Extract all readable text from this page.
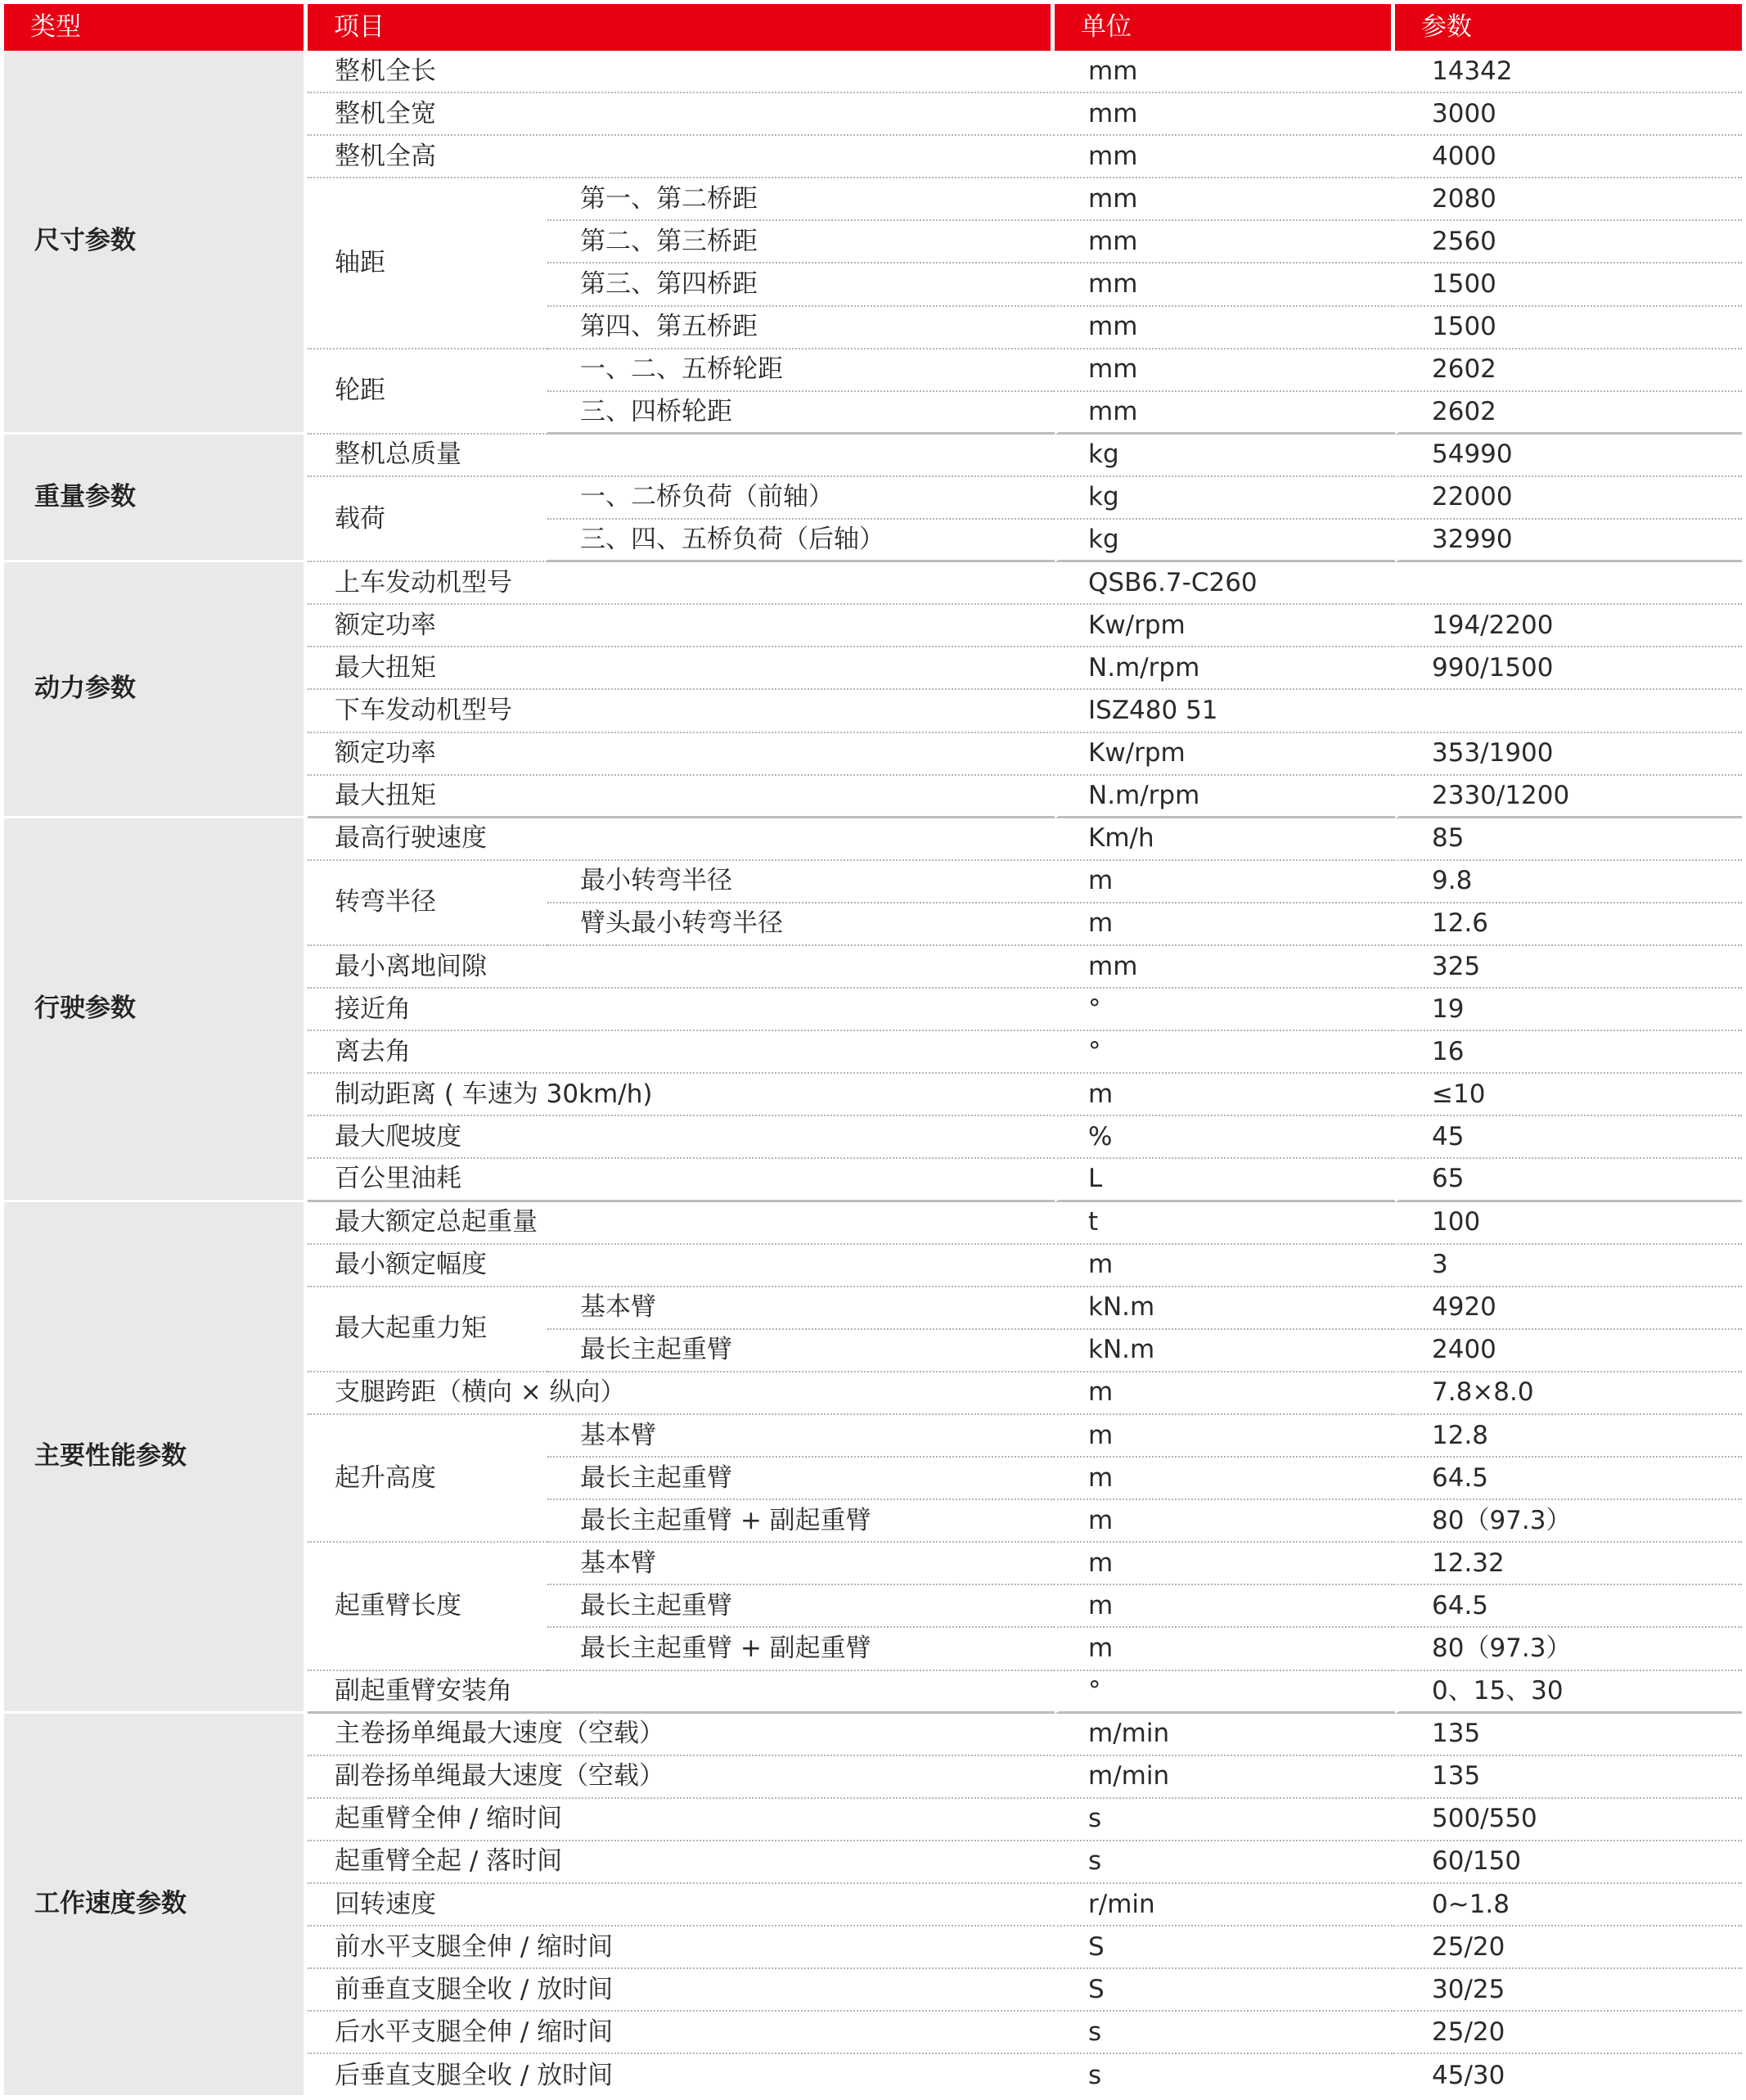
类型	项目		单位	参数
尺寸参数	整机全长		mm	14342
	整机全宽		mm	3000
	整机全高		mm	4000
	轴距	第一、第二桥距	mm	2080
		第二、第三桥距	mm	2560
		第三、第四桥距	mm	1500
		第四、第五桥距	mm	1500
	轮距	一、二、五桥轮距	mm	2602
		三、四桥轮距	mm	2602
重量参数	整机总质量		kg	54990
	载荷	一、二桥负荷（前轴）	kg	22000
		三、四、五桥负荷（后轴）	kg	32990
动力参数	上车发动机型号		QSB6.7-C260	
	额定功率		Kw/rpm	194/2200
	最大扭矩		N.m/rpm	990/1500
	下车发动机型号		ISZ480 51	
	额定功率		Kw/rpm	353/1900
	最大扭矩		N.m/rpm	2330/1200
行驶参数	最高行驶速度		Km/h	85
	转弯半径	最小转弯半径	m	9.8
		臂头最小转弯半径	m	12.6
	最小离地间隙		mm	325
	接近角		°	19
	离去角		°	16
	制动距离 ( 车速为 30km/h)		m	≤10
	最大爬坡度		%	45
	百公里油耗		L	65
主要性能参数	最大额定总起重量		t	100
	最小额定幅度		m	3
	最大起重力矩	基本臂	kN.m	4920
		最长主起重臂	kN.m	2400
	支腿跨距（横向 × 纵向）		m	7.8×8.0
	起升高度	基本臂	m	12.8
		最长主起重臂	m	64.5
		最长主起重臂 + 副起重臂	m	80（97.3）
	起重臂长度	基本臂	m	12.32
		最长主起重臂	m	64.5
		最长主起重臂 + 副起重臂	m	80（97.3）
	副起重臂安装角		°	0、15、30
工作速度参数	主卷扬单绳最大速度（空载）		m/min	135
	副卷扬单绳最大速度（空载）		m/min	135
	起重臂全伸 / 缩时间		s	500/550
	起重臂全起 / 落时间		s	60/150
	回转速度		r/min	0~1.8
	前水平支腿全伸 / 缩时间		S	25/20
	前垂直支腿全收 / 放时间		S	30/25
	后水平支腿全伸 / 缩时间		s	25/20
	后垂直支腿全收 / 放时间		s	45/30
